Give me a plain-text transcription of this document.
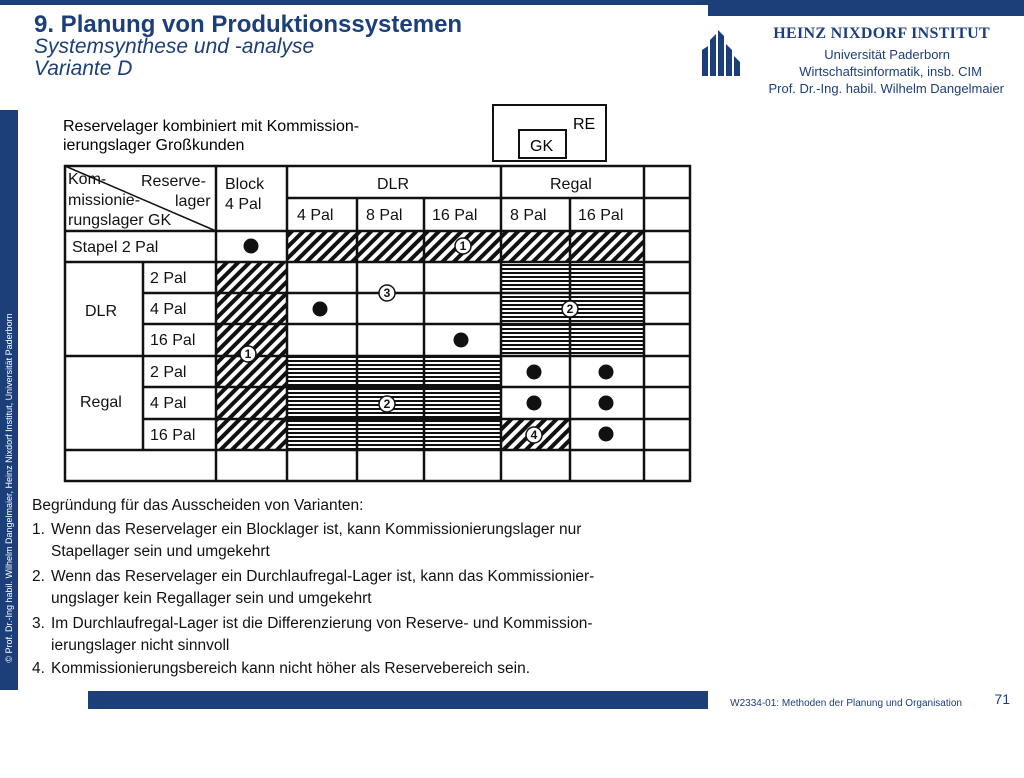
9. Planung von Produktionssystemen
Systemsynthese und -analyse
Variante D
HEINZ NIXDORF INSTITUT
Universität Paderborn
Wirtschaftsinformatik, insb. CIM
Prof. Dr.-Ing. habil. Wilhelm Dangelmaier
© Prof. Dr.-Ing habil. Wilhelm Dangelmaier, Heinz Nixdorf Institut, Universität Paderborn
Reservelager kombiniert mit Kommission-
ierungslager Großkunden
RE
GK
Kom- Reserve-
missionie- lager
rungslager GK
Block
4 Pal
DLR	Regal
4 Pal 8 Pal 16 Pal 8 Pal 16 Pal
Stapel 2 Pal
DLR
Regal
2 Pal
4 Pal
16 Pal
2 Pal
4 Pal
16 Pal
1
3
2
1
2
4
Begründung für das Ausscheiden von Varianten:
1. Wenn das Reservelager ein Blocklager ist, kann Kommissionierungslager nur
Stapellager sein und umgekehrt
2. Wenn das Reservelager ein Durchlaufregal-Lager ist, kann das Kommissionier-
ungslager kein Regallager sein und umgekehrt
3. Im Durchlaufregal-Lager ist die Differenzierung von Reserve- und Kommission-
ierungslager nicht sinnvoll
4. Kommissionierungsbereich kann nicht höher als Reservebereich sein.
W2334-01: Methoden der Planung und Organisation	71
